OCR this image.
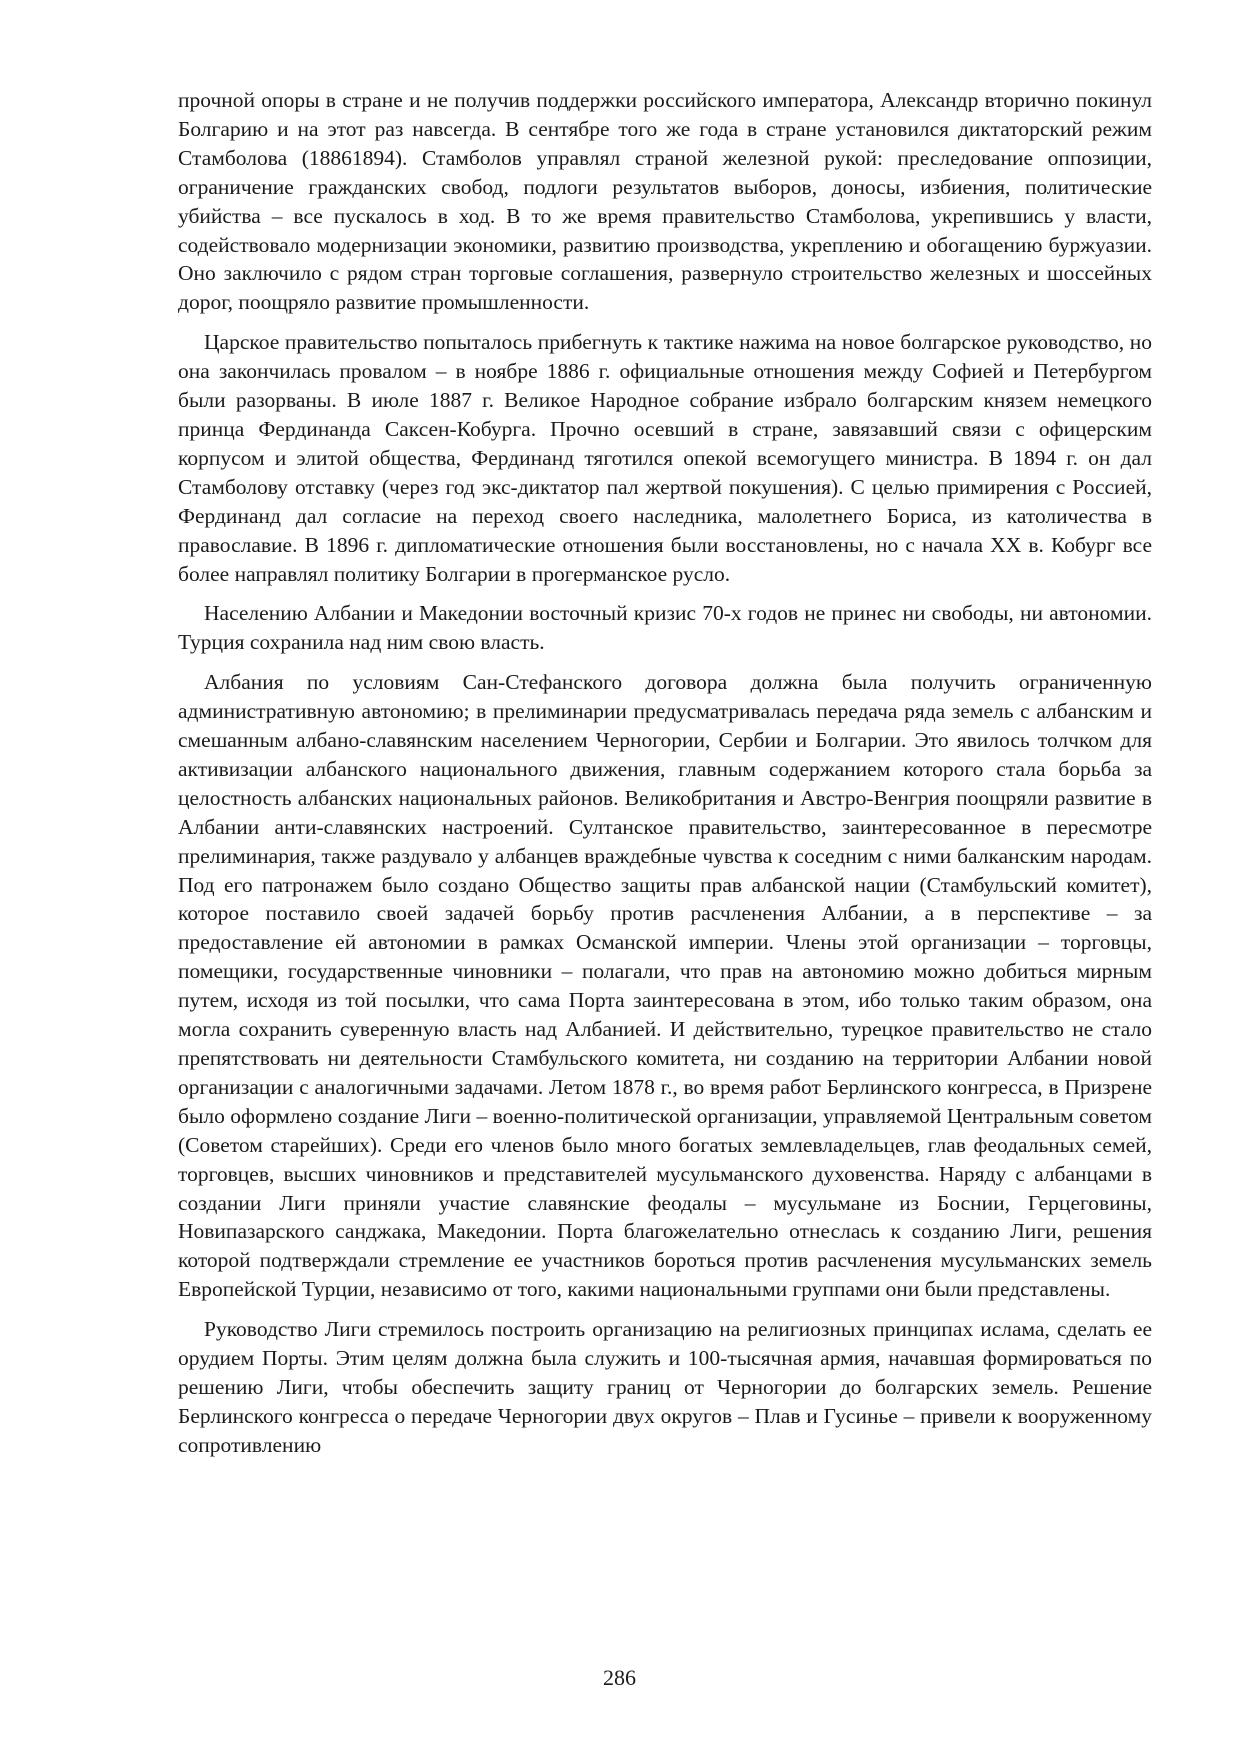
прочной опоры в стране и не получив поддержки российского императора, Александр вторично покинул Болгарию и на этот раз навсегда. В сентябре того же года в стране установился диктаторский режим Стамболова (18861894). Стамболов управлял страной железной рукой: преследование оппозиции, ограничение гражданских свобод, подлоги результатов выборов, доносы, избиения, политические убийства – все пускалось в ход. В то же время правительство Стамболова, укрепившись у власти, содействовало модернизации экономики, развитию производства, укреплению и обогащению буржуазии. Оно заключило с рядом стран торговые соглашения, развернуло строительство железных и шоссейных дорог, поощряло развитие промышленности.

Царское правительство попыталось прибегнуть к тактике нажима на новое болгарское руководство, но она закончилась провалом – в ноябре 1886 г. официальные отношения между Софией и Петербургом были разорваны. В июле 1887 г. Великое Народное собрание избрало болгарским князем немецкого принца Фердинанда Саксен-Кобурга. Прочно осевший в стране, завязавший связи с офицерским корпусом и элитой общества, Фердинанд тяготился опекой всемогущего министра. В 1894 г. он дал Стамболову отставку (через год экс-диктатор пал жертвой покушения). С целью примирения с Россией, Фердинанд дал согласие на переход своего наследника, малолетнего Бориса, из католичества в православие. В 1896 г. дипломатические отношения были восстановлены, но с начала XX в. Кобург все более направлял политику Болгарии в прогерманское русло.

Населению Албании и Македонии восточный кризис 70-х годов не принес ни свободы, ни автономии. Турция сохранила над ним свою власть.

Албания по условиям Сан-Стефанского договора должна была получить ограниченную административную автономию; в прелиминарии предусматривалась передача ряда земель с албанским и смешанным албано-славянским населением Черногории, Сербии и Болгарии. Это явилось толчком для активизации албанского национального движения, главным содержанием которого стала борьба за целостность албанских национальных районов. Великобритания и Австро-Венгрия поощряли развитие в Албании анти-славянских настроений. Султанское правительство, заинтересованное в пересмотре прелиминария, также раздувало у албанцев враждебные чувства к соседним с ними балканским народам. Под его патронажем было создано Общество защиты прав албанской нации (Стамбульский комитет), которое поставило своей задачей борьбу против расчленения Албании, а в перспективе – за предоставление ей автономии в рамках Османской империи. Члены этой организации – торговцы, помещики, государственные чиновники – полагали, что прав на автономию можно добиться мирным путем, исходя из той посылки, что сама Порта заинтересована в этом, ибо только таким образом, она могла сохранить суверенную власть над Албанией. И действительно, турецкое правительство не стало препятствовать ни деятельности Стамбульского комитета, ни созданию на территории Албании новой организации с аналогичными задачами. Летом 1878 г., во время работ Берлинского конгресса, в Призрене было оформлено создание Лиги – военно-политической организации, управляемой Центральным советом (Советом старейших). Среди его членов было много богатых землевладельцев, глав феодальных семей, торговцев, высших чиновников и представителей мусульманского духовенства. Наряду с албанцами в создании Лиги приняли участие славянские феодалы – мусульмане из Боснии, Герцеговины, Новипазарского санджака, Македонии. Порта благожелательно отнеслась к созданию Лиги, решения которой подтверждали стремление ее участников бороться против расчленения мусульманских земель Европейской Турции, независимо от того, какими национальными группами они были представлены.

Руководство Лиги стремилось построить организацию на религиозных принципах ислама, сделать ее орудием Порты. Этим целям должна была служить и 100-тысячная армия, начавшая формироваться по решению Лиги, чтобы обеспечить защиту границ от Черногории до болгарских земель. Решение Берлинского конгресса о передаче Черногории двух округов – Плав и Гусинье – привели к вооруженному сопротивлению

286
